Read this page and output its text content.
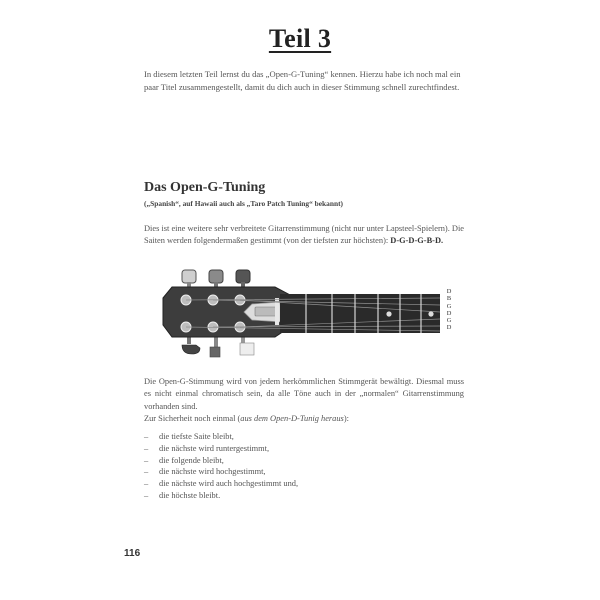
Teil 3

In diesem letzten Teil lernst du das „Open-G-Tuning“ kennen. Hierzu habe ich noch mal ein paar Titel zusammengestellt, damit du dich auch in dieser Stimmung schnell zurechtfindest.

Das Open-G-Tuning
(„Spanish“, auf Hawaii auch als „Taro Patch Tuning“ bekannt)

Dies ist eine weitere sehr verbreitete Gitarrenstimmung (nicht nur unter Lapsteel-Spielern). Die Saiten werden folgendermaßen gestimmt (von der tiefsten zur höchsten): D-G-D-G-B-D.

D
B
G
D
G
D
Die Open-G-Stimmung wird von jedem herkömmlichen Stimmgerät bewältigt. Diesmal muss es nicht einmal chromatisch sein, da alle Töne auch in der „normalen“ Gitarrenstimmung vorhanden sind.
Zur Sicherheit noch einmal (aus dem Open-D-Tunig heraus):
–	die tiefste Saite bleibt,
–	die nächste wird runtergestimmt,
–	die folgende bleibt,
–	die nächste wird hochgestimmt,
–	die nächste wird auch hochgestimmt und,
–	die höchste bleibt.
116
